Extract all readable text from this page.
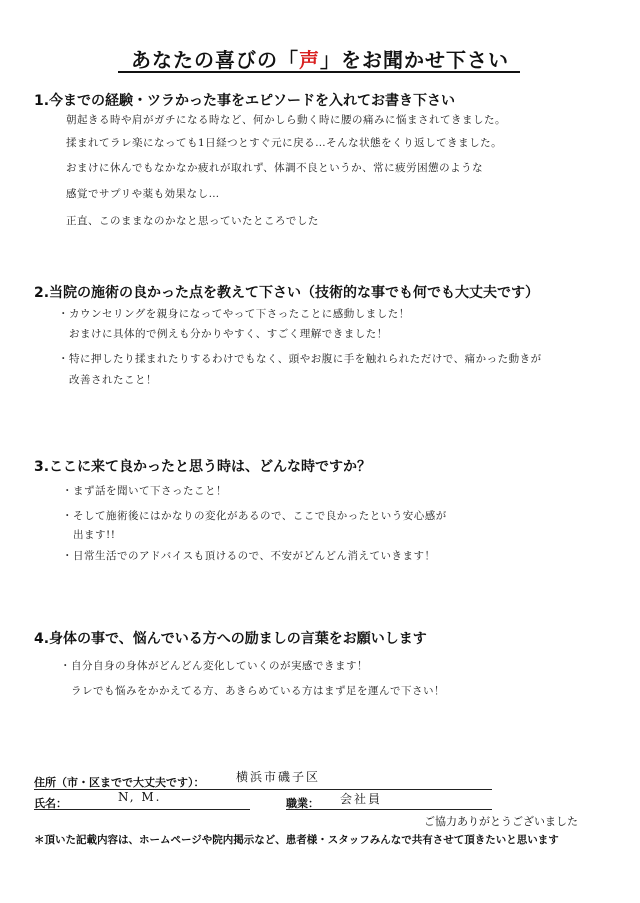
あなたの喜びの「声」をお聞かせ下さい
1.今までの経験・ツラかった事をエピソードを入れてお書き下さい
朝起きる時や肩がガチになる時など、何かしら動く時に腰の痛みに悩まされてきました。
揉まれてラレ楽になっても1日経つとすぐ元に戻る…そんな状態をくり返してきました。
おまけに休んでもなかなか疲れが取れず、体調不良というか、常に疲労困憊のような
感覚でサプリや薬も効果なし…
正直、このままなのかなと思っていたところでした
2.当院の施術の良かった点を教えて下さい（技術的な事でも何でも大丈夫です）
・カウンセリングを親身になってやって下さったことに感動しました！
　おまけに具体的で例えも分かりやすく、すごく理解できました！
・特に押したり揉まれたりするわけでもなく、頭やお腹に手を触れられただけで、痛かった動きが
　改善されたこと！
3.ここに来て良かったと思う時は、どんな時ですか？
・まず話を聞いて下さったこと！
・そして施術後にはかなりの変化があるので、ここで良かったという安心感が
　出ます!!
・日常生活でのアドバイスも頂けるので、不安がどんどん消えていきます！
4.身体の事で、悩んでいる方への励ましの言葉をお願いします
・自分自身の身体がどんどん変化していくのが実感できます！
　ラレでも悩みをかかえてる方、あきらめている方はまず足を運んで下さい！
住所（市・区までで大丈夫です）：	横浜市磯子区
氏名：	N, M.	職業： 会社員
ご協力ありがとうございました
＊頂いた記載内容は、ホームページや院内掲示など、患者様・スタッフみんなで共有させて頂きたいと思います
